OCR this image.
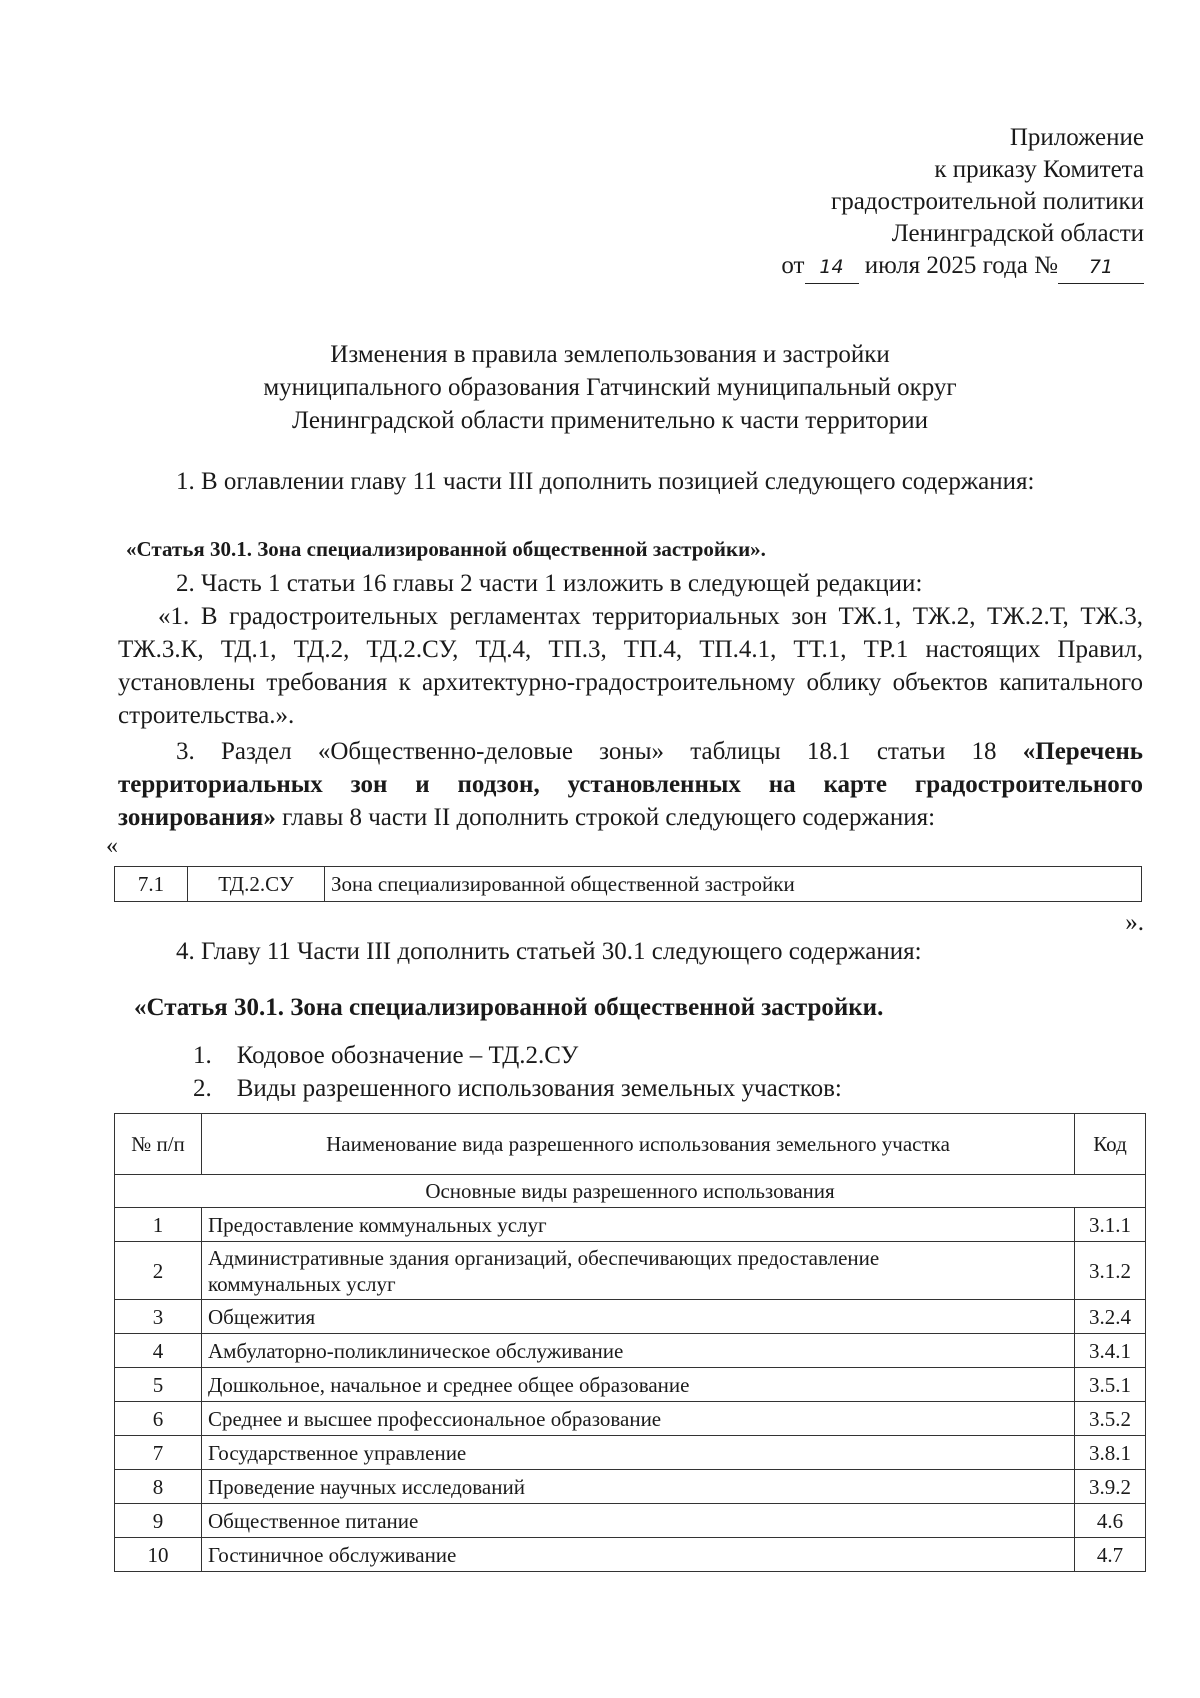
Приложение
к приказу Комитета
градостроительной политики
Ленинградской области
от 14 июля 2025 года № 71
Изменения в правила землепользования и застройки
муниципального образования Гатчинский муниципальный округ
Ленинградской области применительно к части территории
1. В оглавлении главу 11 части III дополнить позицией следующего содержания:
«Статья 30.1. Зона специализированной общественной застройки».
2. Часть 1 статьи 16 главы 2 части 1 изложить в следующей редакции:
«1. В градостроительных регламентах территориальных зон ТЖ.1, ТЖ.2, ТЖ.2.Т, ТЖ.3, ТЖ.3.К, ТД.1, ТД.2, ТД.2.СУ, ТД.4, ТП.3, ТП.4, ТП.4.1, ТТ.1, ТР.1 настоящих Правил, установлены требования к архитектурно-градостроительному облику объектов капитального строительства.».
3. Раздел «Общественно-деловые зоны» таблицы 18.1 статьи 18 «Перечень территориальных зон и подзон, установленных на карте градостроительного зонирования» главы 8 части II дополнить строкой следующего содержания:
«
7.1	ТД.2.СУ	Зона специализированной общественной застройки
».
4. Главу 11 Части III дополнить статьей 30.1 следующего содержания:
«Статья 30.1. Зона специализированной общественной застройки.
1. Кодовое обозначение – ТД.2.СУ
2. Виды разрешенного использования земельных участков:
№ п/п	Наименование вида разрешенного использования земельного участка	Код
Основные виды разрешенного использования		
1	Предоставление коммунальных услуг	3.1.1
2	Административные здания организаций, обеспечивающих предоставление коммунальных услуг	3.1.2
3	Общежития	3.2.4
4	Амбулаторно-поликлиническое обслуживание	3.4.1
5	Дошкольное, начальное и среднее общее образование	3.5.1
6	Среднее и высшее профессиональное образование	3.5.2
7	Государственное управление	3.8.1
8	Проведение научных исследований	3.9.2
9	Общественное питание	4.6
10	Гостиничное обслуживание	4.7
